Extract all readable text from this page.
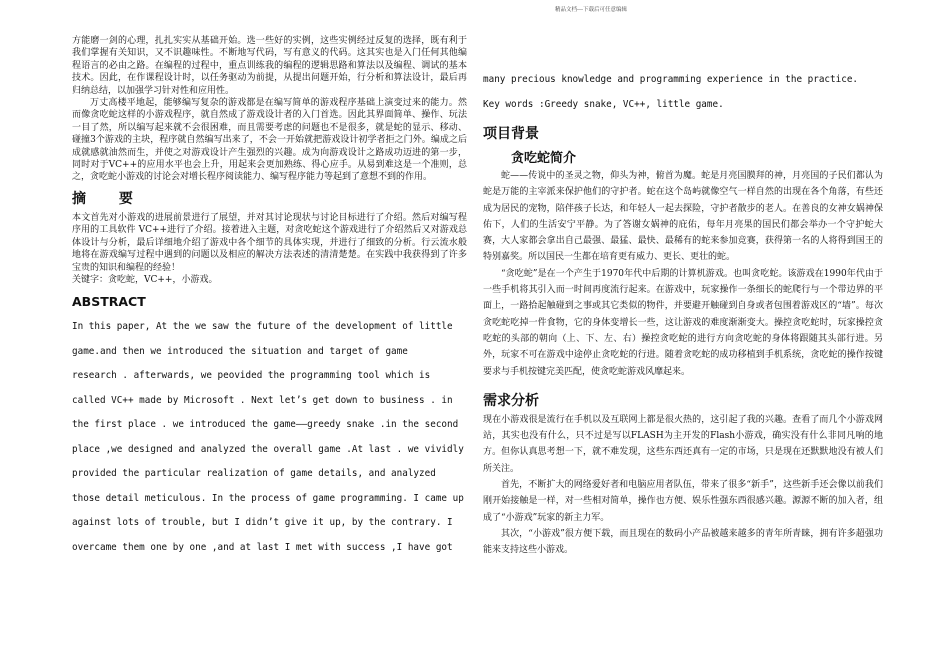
精品文档---下载后可任意编辑

方能磨一剑的心理，扎扎实实从基础开始。选一些好的实例，这些实例经过反复的选择，既有利于我们掌握有关知识，又不识趣味性。不断地写代码，写有意义的代码。这其实也是入门任何其他编程语言的必由之路。在编程的过程中，重点训练我的编程的逻辑思路和算法以及编程、调试的基本技术。因此，在作课程设计时，以任务驱动为前提，从提出问题开始，行分析和算法设计，最后再归纳总结，以加强学习针对性和应用性。

万丈高楼平地起，能够编写复杂的游戏都是在编写简单的游戏程序基础上演变过来的能力。然而像贪吃蛇这样的小游戏程序，就自然成了游戏设计者的入门首选。因此其界面简单、操作、玩法一目了然，所以编写起来就不会很困难，而且需要考虑的问题也不是很多，就是蛇的显示、移动、碰撞3个游戏的主块，程序就自然编写出来了，不会一开始就把游戏设计初学者拒之门外。编成之后成就感就油然而生，并使之对游戏设计产生强烈的兴趣。成为向游戏设计之路成功迈进的第一步，同时对于VC++的应用水平也会上升，用起来会更加熟练、得心应手。从易到难这是一个准则，总之，贪吃蛇小游戏的讨论会对增长程序阅读能力、编写程序能力等起到了意想不到的作用。

摘 要

本文首先对小游戏的进展前景进行了展望，并对其讨论现状与讨论目标进行了介绍。然后对编写程序用的工具软件 VC++进行了介绍。接着进入主题，对贪吃蛇这个游戏进行了介绍然后又对游戏总体设计与分析，最后详细地介绍了游戏中各个细节的具体实现，并进行了细致的分析。行云流水般地将在游戏编写过程中遇到的问题以及相应的解决方法表述的清清楚楚。在实践中我获得到了许多宝贵的知识和编程的经验！

关键字：贪吃蛇，VC++，小游戏。

ABSTRACT
In this paper, At the we saw the future of the development of little
game.and then we introduced the situation and target of game
research . afterwards, we peovided the programming tool which is
called VC++ made by Microsoft . Next let’s get down to business . in
the first place . we introduced the game——greedy snake .in the second
place ,we designed and analyzed the overall game .At last . we vividly
provided the particular realization of game details, and analyzed
those detail meticulous. In the process of game programming. I came up
against lots of trouble, but I didn’t give it up, by the contrary. I
overcame them one by one ,and at last I met with success ,I have got
many precious knowledge and programming experience in the practice.
Key words :Greedy snake, VC++, little game.
项目背景
贪吃蛇简介

蛇——传说中的圣灵之物，仰头为神，俯首为魔。蛇是月亮国膜拜的神，月亮国的子民们都认为蛇是万能的主宰派来保护他们的守护者。蛇在这个岛屿就像空气一样自然的出现在各个角落，有些还成为居民的宠物，陪伴孩子长达，和年轻人一起去探险，守护者散步的老人。在善良的女神女娲神保佑下，人们的生活安宁平静。为了答谢女娲神的庇佑，每年月亮果的国民们都会举办一个守护蛇大赛，大人家都会拿出自己最强、最猛、最快、最稀有的蛇来参加竞赛，获得第一名的人将得到国王的特别嘉奖。所以国民一生都在培育更有威力、更长、更壮的蛇。

“贪吃蛇”是在一个产生于1970年代中后期的计算机游戏。也叫贪吃蛇。该游戏在1990年代由于一些手机将其引入而一时间再度流行起来。在游戏中，玩家操作一条细长的蛇爬行与一个带边界的平面上，一路拾起触碰到之事或其它类似的物件，并要避开触碰到自身或者包围着游戏区的“墙”。每次贪吃蛇吃掉一件食物，它的身体变增长一些，这让游戏的难度渐渐变大。操控贪吃蛇时，玩家操控贪吃蛇的头部的朝向（上、下、左、右）操控贪吃蛇的进行方向贪吃蛇的身体将跟随其头部行进。另外，玩家不可在游戏中途停止贪吃蛇的行进。随着贪吃蛇的成功移植到手机系统，贪吃蛇的操作按键要求与手机按键完美匹配，使贪吃蛇游戏风靡起来。

需求分析

现在小游戏很是流行在手机以及互联网上都是很火热的，这引起了我的兴趣。查看了而几个小游戏网站，其实也没有什么，只不过是写以FLASH为主开发的Flash小游戏，确实没有什么非同凡响的地方。但你认真思考想一下，就不难发现，这些东西还真有一定的市场，只是现在还默默地没有被人们所关注。

首先，不断扩大的网络爱好者和电脑应用者队伍，带来了很多“新手”，这些新手还会像以前我们刚开始接触是一样，对一些相对简单，操作也方便、娱乐性强东西很感兴趣。源源不断的加入者，组成了“小游戏”玩家的新主力军。

其次，“小游戏”很方便下载，而且现在的数码小产品被越来越多的青年所青睐，拥有许多超强功能来支持这些小游戏。
